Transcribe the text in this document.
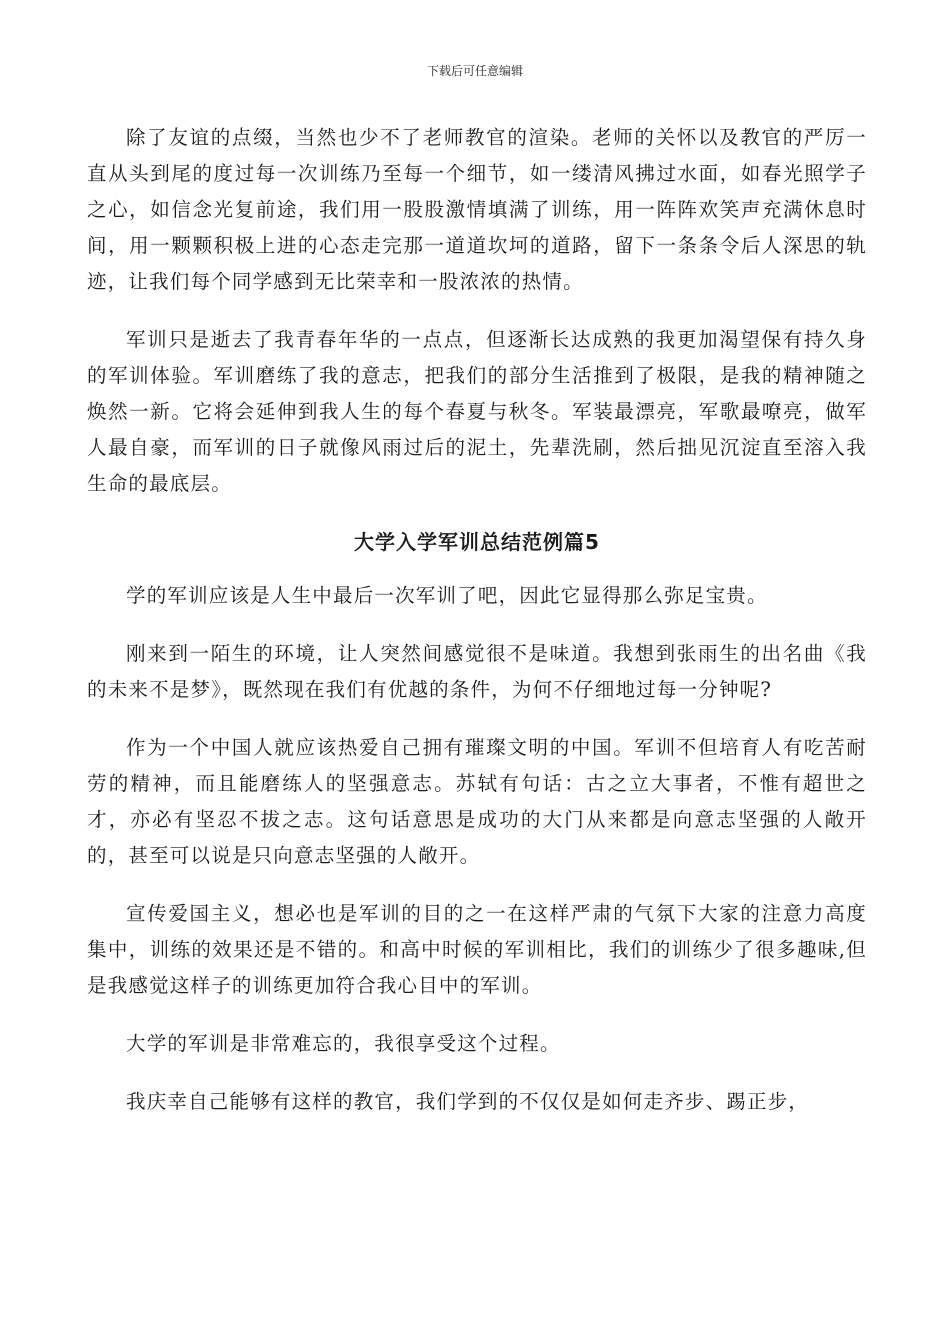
下载后可任意编辑

除了友谊的点缀，当然也少不了老师教官的渲染。老师的关怀以及教官的严厉一直从头到尾的度过每一次训练乃至每一个细节，如一缕清风拂过水面，如春光照学子之心，如信念光复前途，我们用一股股激情填满了训练，用一阵阵欢笑声充满休息时间，用一颗颗积极上进的心态走完那一道道坎坷的道路，留下一条条令后人深思的轨迹，让我们每个同学感到无比荣幸和一股浓浓的热情。

军训只是逝去了我青春年华的一点点，但逐渐长达成熟的我更加渴望保有持久身的军训体验。军训磨练了我的意志，把我们的部分生活推到了极限，是我的精神随之焕然一新。它将会延伸到我人生的每个春夏与秋冬。军装最漂亮，军歌最嘹亮，做军人最自豪，而军训的日子就像风雨过后的泥土，先辈洗刷，然后拙见沉淀直至溶入我生命的最底层。

大学入学军训总结范例篇5

学的军训应该是人生中最后一次军训了吧，因此它显得那么弥足宝贵。

刚来到一陌生的环境，让人突然间感觉很不是味道。我想到张雨生的出名曲《我的未来不是梦》，既然现在我们有优越的条件，为何不仔细地过每一分钟呢?

作为一个中国人就应该热爱自己拥有璀璨文明的中国。军训不但培育人有吃苦耐劳的精神，而且能磨练人的坚强意志。苏轼有句话：古之立大事者，不惟有超世之才，亦必有坚忍不拔之志。这句话意思是成功的大门从来都是向意志坚强的人敞开的，甚至可以说是只向意志坚强的人敞开。

宣传爱国主义，想必也是军训的目的之一在这样严肃的气氛下大家的注意力高度集中，训练的效果还是不错的。和高中时候的军训相比，我们的训练少了很多趣味,但是我感觉这样子的训练更加符合我心目中的军训。

大学的军训是非常难忘的，我很享受这个过程。

我庆幸自己能够有这样的教官，我们学到的不仅仅是如何走齐步、踢正步，
